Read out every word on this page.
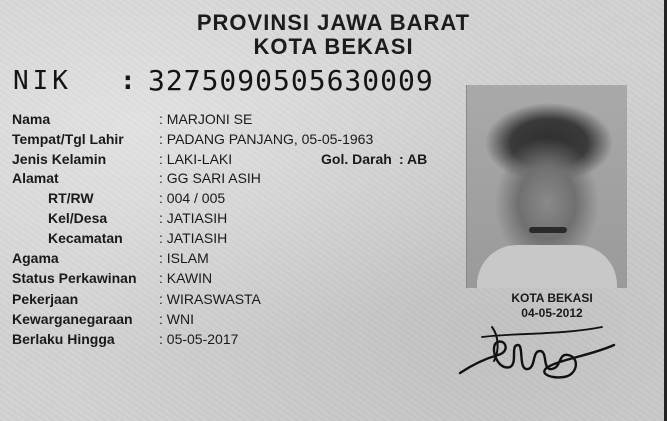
PROVINSI JAWA BARAT
KOTA BEKASI
NIK : 3275090505630009
Nama	: MARJONI SE
Tempat/Tgl Lahir	: PADANG PANJANG, 05-05-1963
Jenis Kelamin	: LAKI-LAKI	Gol. Darah : AB
Alamat	: GG SARI ASIH
RT/RW	: 004 / 005
Kel/Desa	: JATIASIH
Kecamatan	: JATIASIH
Agama	: ISLAM
Status Perkawinan : KAWIN
Pekerjaan	: WIRASWASTA
Kewarganegaraan : WNI
Berlaku Hingga	: 05-05-2017
KOTA BEKASI
04-05-2012
